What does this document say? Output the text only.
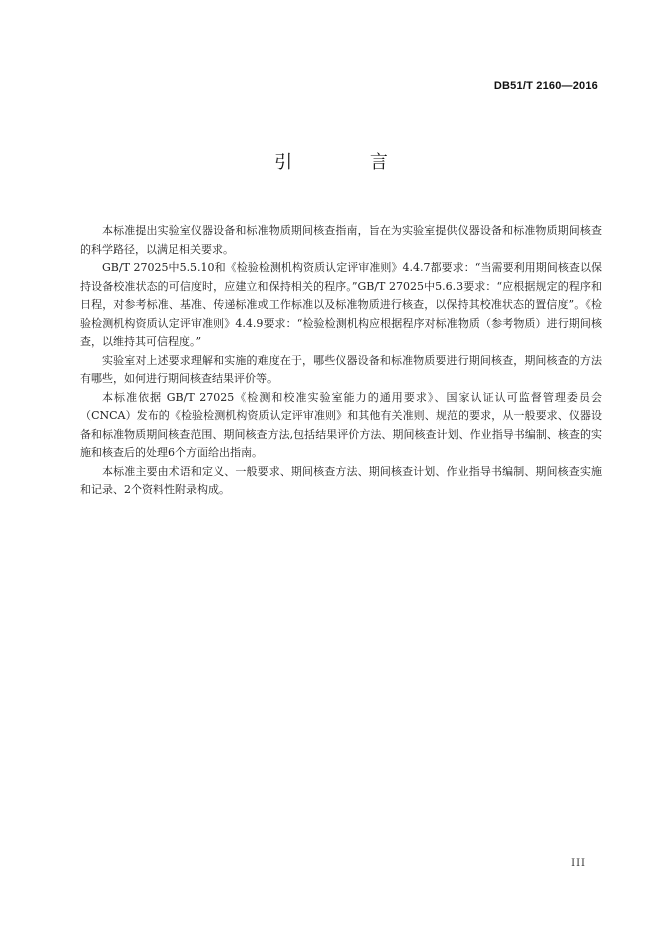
DB51/T 2160—2016
引 言

本标准提出实验室仪器设备和标准物质期间核查指南，旨在为实验室提供仪器设备和标准物质期间核查的科学路径，以满足相关要求。

GB/T 27025中5.5.10和《检验检测机构资质认定评审准则》4.4.7都要求：“当需要利用期间核查以保持设备校准状态的可信度时，应建立和保持相关的程序。”GB/T 27025中5.6.3要求：“应根据规定的程序和日程，对参考标准、基准、传递标准或工作标准以及标准物质进行核查，以保持其校准状态的置信度”。《检验检测机构资质认定评审准则》4.4.9要求：“检验检测机构应根据程序对标准物质（参考物质）进行期间核查，以维持其可信程度。”

实验室对上述要求理解和实施的难度在于，哪些仪器设备和标准物质要进行期间核查，期间核查的方法有哪些，如何进行期间核查结果评价等。

本标准依据 GB/T 27025《检测和校准实验室能力的通用要求》、国家认证认可监督管理委员会（CNCA）发布的《检验检测机构资质认定评审准则》和其他有关准则、规范的要求，从一般要求、仪器设备和标准物质期间核查范围、期间核查方法,包括结果评价方法、期间核查计划、作业指导书编制、核查的实施和核查后的处理6个方面给出指南。

本标准主要由术语和定义、一般要求、期间核查方法、期间核查计划、作业指导书编制、期间核查实施和记录、2个资料性附录构成。

III
